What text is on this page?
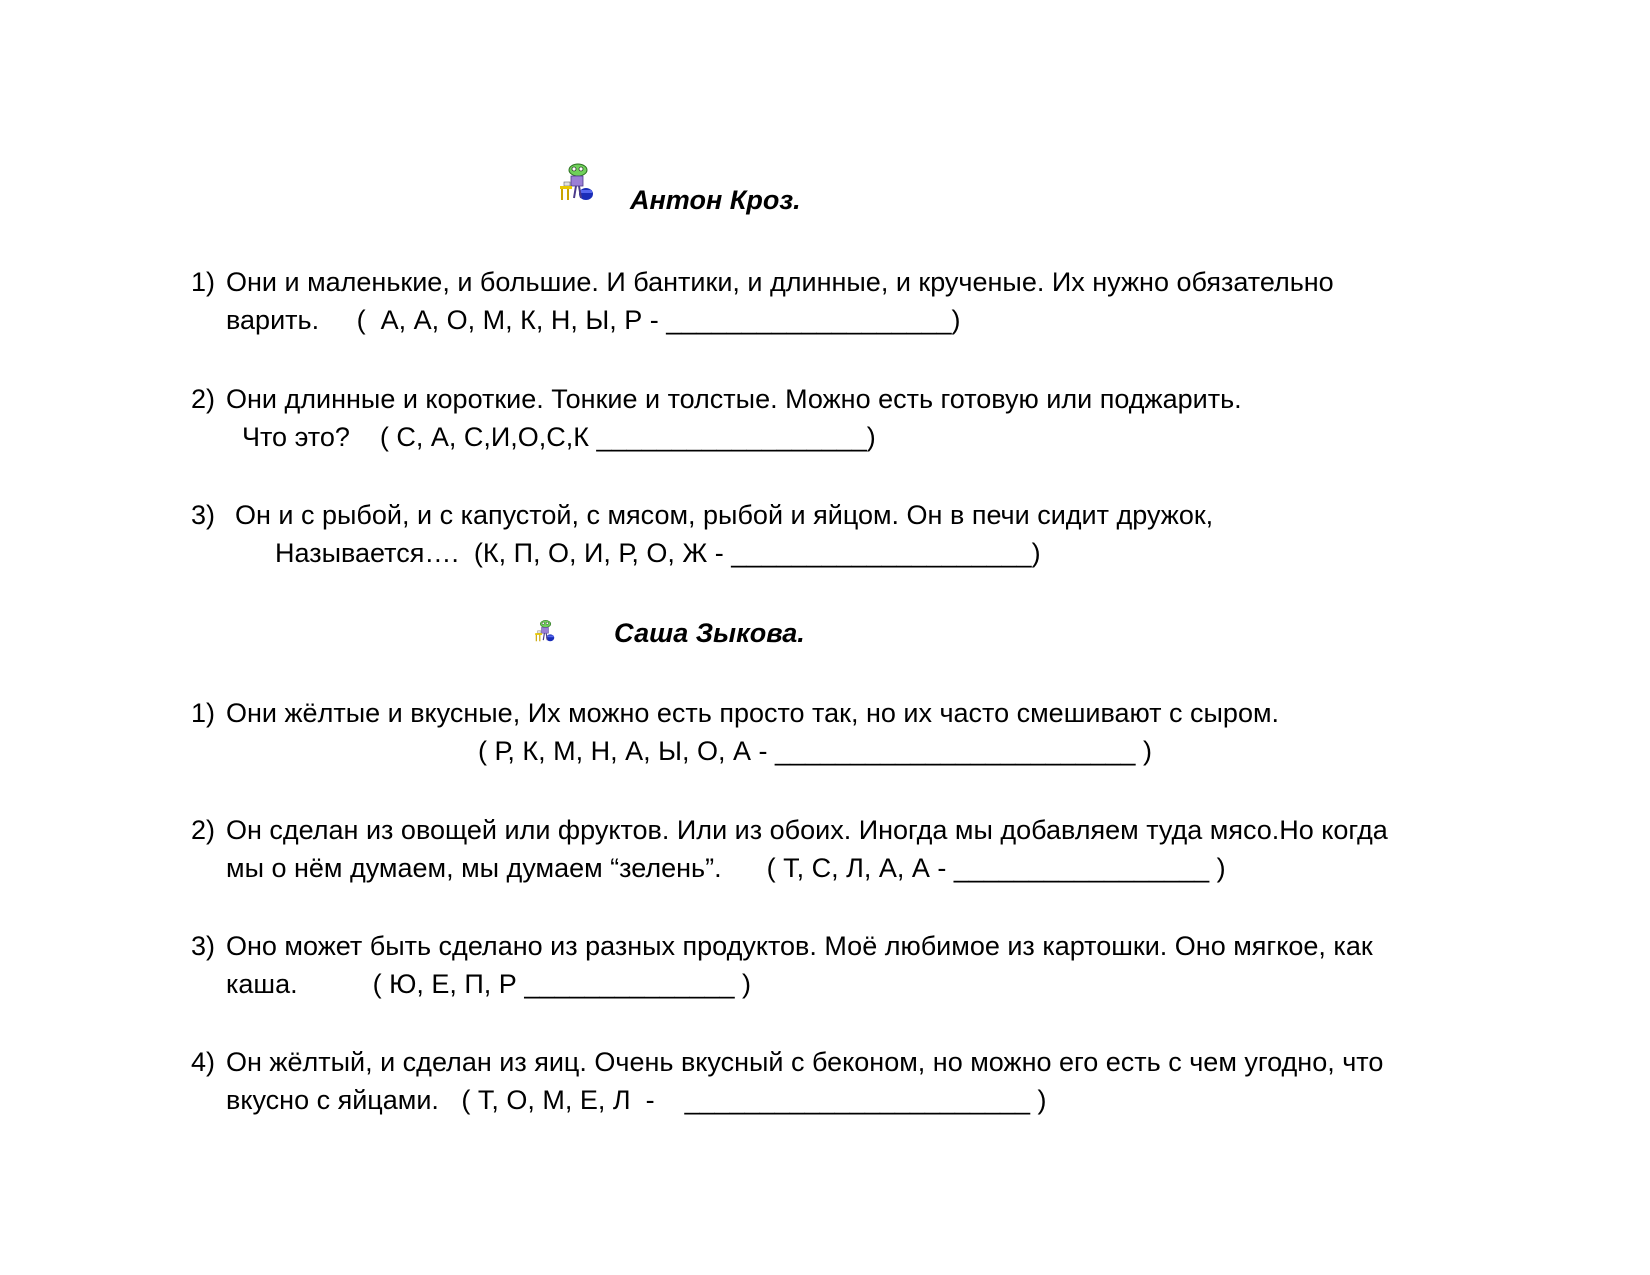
Антон Кроз.
1) Они и маленькие, и большие. И бантики, и длинные, и крученые. Их нужно обязательно
варить.     (  А, А, О, М, К, Н, Ы, Р - ___________________)
2) Они длинные и короткие. Тонкие и толстые. Можно есть готовую или поджарить.
Что это?    ( С, А, С,И,О,С,К __________________)
3) Он и с рыбой, и с капустой, с мясом, рыбой и яйцом. Он в печи сидит дружок,
Называется….  (К, П, О, И, Р, О, Ж - ____________________)
Саша Зыкова.
1) Они жёлтые и вкусные, Их можно есть просто так, но их часто смешивают с сыром.
( Р, К, М, Н, А, Ы, О, А - ________________________ )
2) Он сделан из овощей или фруктов. Или из обоих. Иногда мы добавляем туда мясо.Но когда
мы о нём думаем, мы думаем “зелень”.      ( Т, С, Л, А, А - _________________ )
3) Оно может быть сделано из разных продуктов. Моё любимое из картошки. Оно мягкое, как
каша.          ( Ю, Е, П, Р ______________ )
4) Он жёлтый, и сделан из яиц. Очень вкусный с беконом, но можно его есть с чем угодно, что
вкусно с яйцами.   ( Т, О, М, Е, Л  -    _______________________ )
